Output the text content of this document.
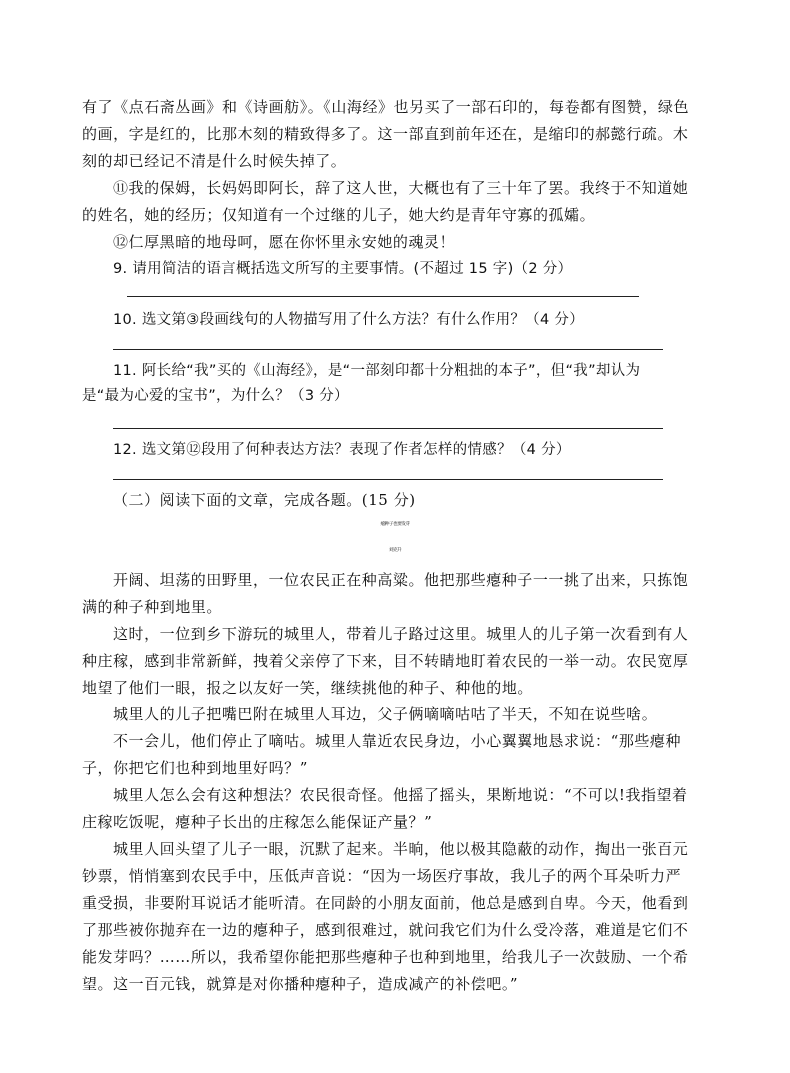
有了《点石斋丛画》和《诗画舫》。《山海经》也另买了一部石印的，每卷都有图赞，绿色
的画，字是红的，比那木刻的精致得多了。这一部直到前年还在，是缩印的郝懿行疏。木
刻的却已经记不清是什么时候失掉了。
⑪我的保姆，长妈妈即阿长，辞了这人世，大概也有了三十年了罢。我终于不知道她
的姓名，她的经历；仅知道有一个过继的儿子，她大约是青年守寡的孤孀。
⑫仁厚黑暗的地母呵，愿在你怀里永安她的魂灵！
9. 请用简洁的语言概括选文所写的主要事情。(不超过 15 字)（2 分）
10. 选文第③段画线句的人物描写用了什么方法？有什么作用？（4 分）
11. 阿长给“我”买的《山海经》，是“一部刻印都十分粗拙的本子”，但“我”却认为
是“最为心爱的宝书”，为什么？（3 分）
12. 选文第⑫段用了何种表达方法？表现了作者怎样的情感？（4 分）
（二）阅读下面的文章，完成各题。(15 分)
瘪种子也要发芽
刘克升
开阔、坦荡的田野里，一位农民正在种高粱。他把那些瘪种子一一挑了出来，只拣饱
满的种子种到地里。
这时，一位到乡下游玩的城里人，带着儿子路过这里。城里人的儿子第一次看到有人
种庄稼，感到非常新鲜，拽着父亲停了下来，目不转睛地盯着农民的一举一动。农民宽厚
地望了他们一眼，报之以友好一笑，继续挑他的种子、种他的地。
城里人的儿子把嘴巴附在城里人耳边，父子俩嘀嘀咕咕了半天，不知在说些啥。
不一会儿，他们停止了嘀咕。城里人靠近农民身边，小心翼翼地恳求说：“那些瘪种
子，你把它们也种到地里好吗？”
城里人怎么会有这种想法？农民很奇怪。他摇了摇头，果断地说：“不可以!我指望着
庄稼吃饭呢，瘪种子长出的庄稼怎么能保证产量？”
城里人回头望了儿子一眼，沉默了起来。半晌，他以极其隐蔽的动作，掏出一张百元
钞票，悄悄塞到农民手中，压低声音说：“因为一场医疗事故，我儿子的两个耳朵听力严
重受损，非要附耳说话才能听清。在同龄的小朋友面前，他总是感到自卑。今天，他看到
了那些被你抛弃在一边的瘪种子，感到很难过，就问我它们为什么受冷落，难道是它们不
能发芽吗？……所以，我希望你能把那些瘪种子也种到地里，给我儿子一次鼓励、一个希
望。这一百元钱，就算是对你播种瘪种子，造成减产的补偿吧。”
